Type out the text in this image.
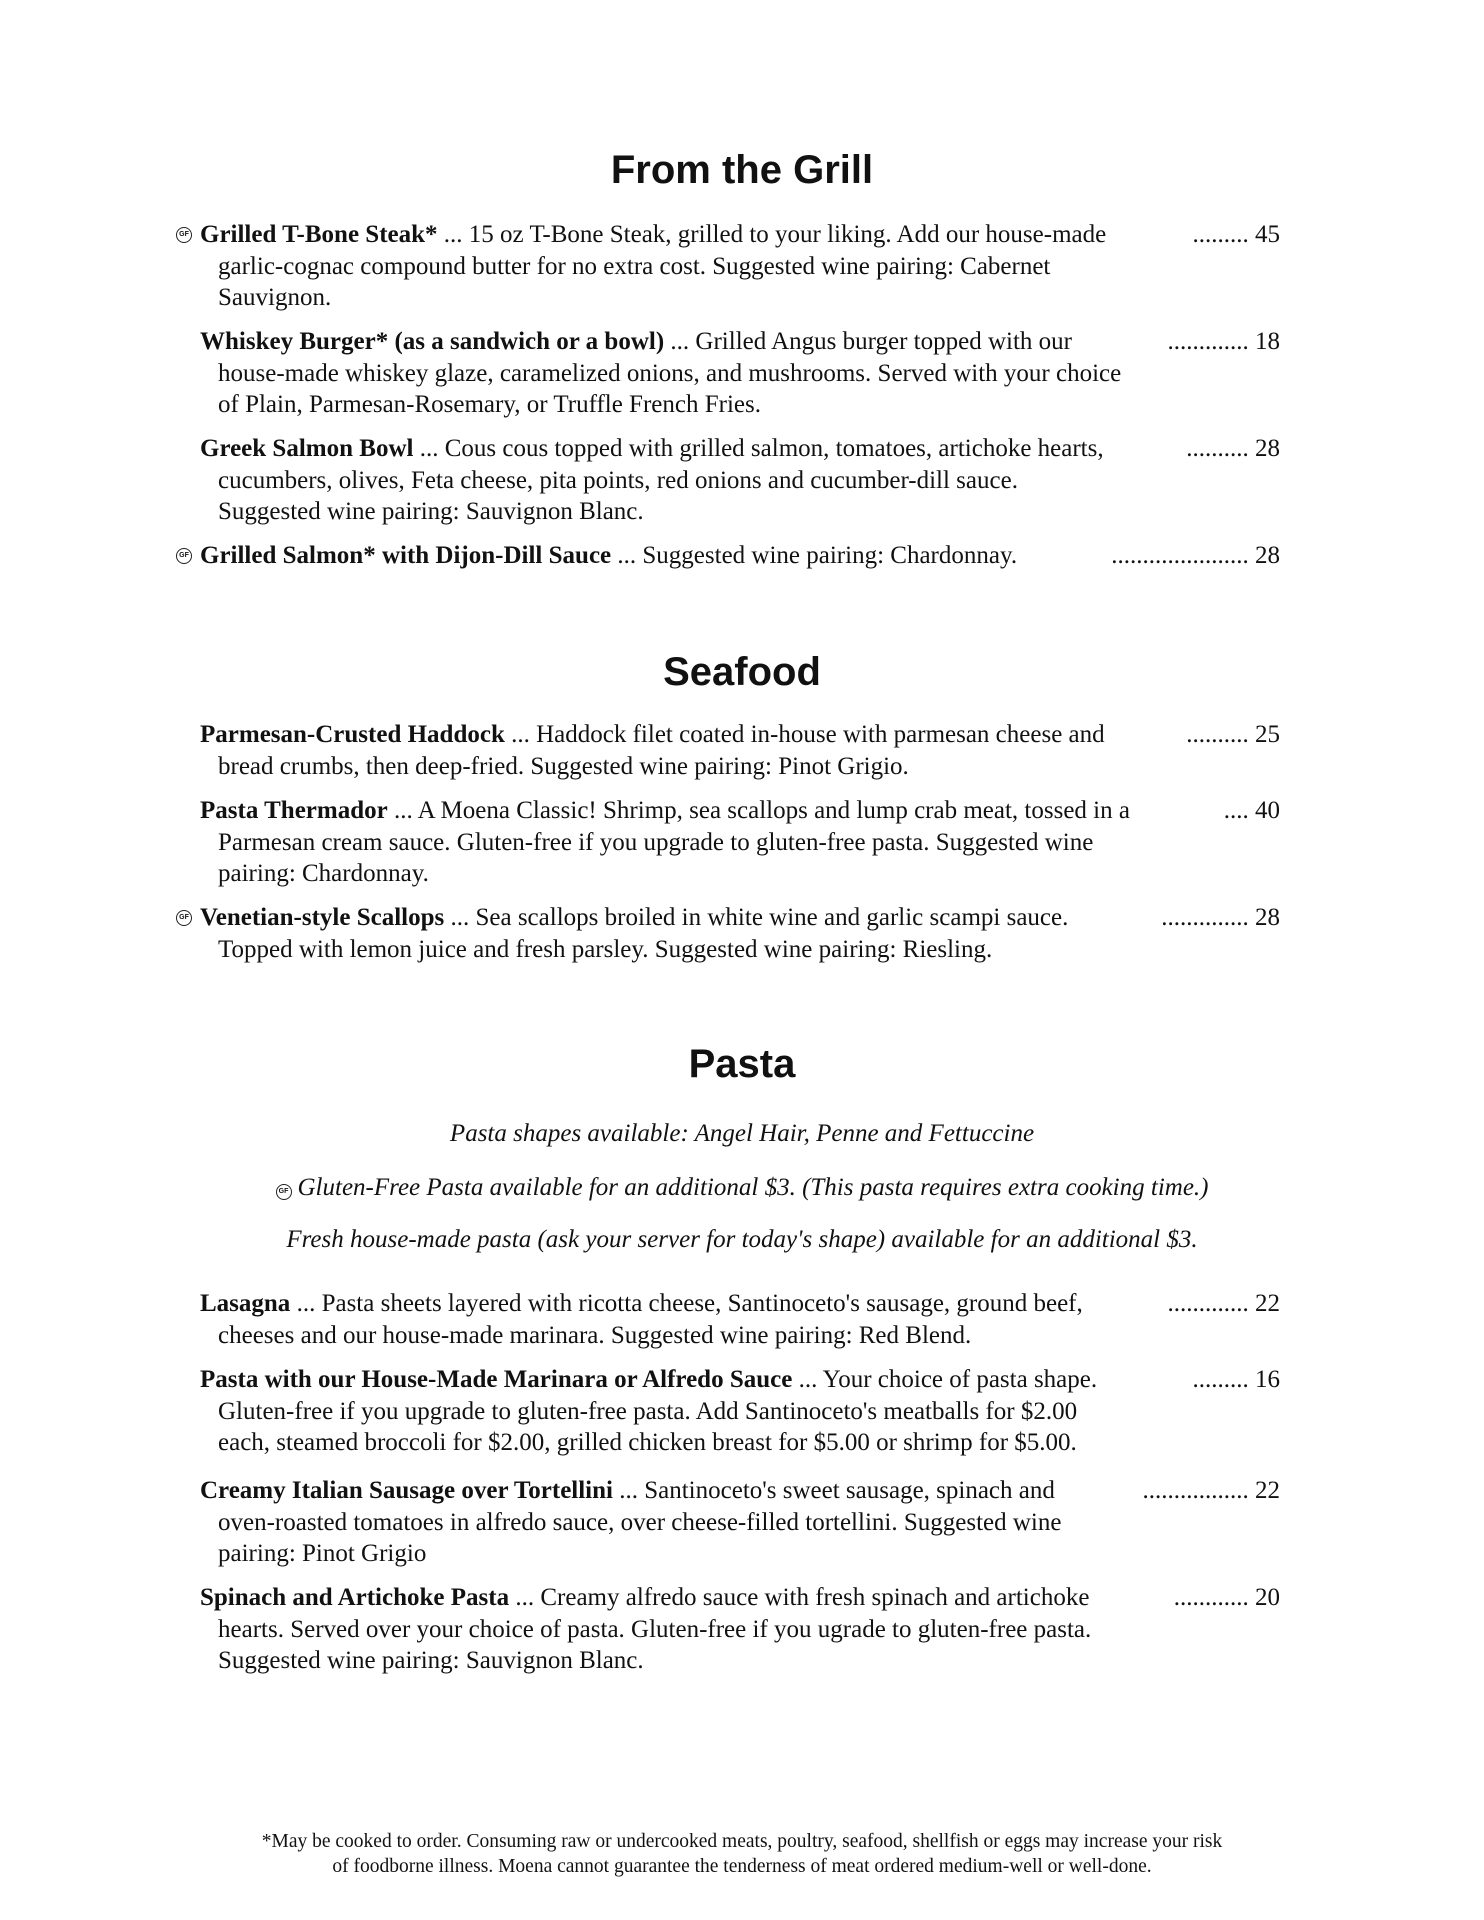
From the Grill
GF Grilled T-Bone Steak* ... 15 oz T-Bone Steak, grilled to your liking. Add our house-made	......... 45
garlic-cognac compound butter for no extra cost. Suggested wine pairing: Cabernet
Sauvignon.
Whiskey Burger* (as a sandwich or a bowl) ... Grilled Angus burger topped with our	............. 18
house-made whiskey glaze, caramelized onions, and mushrooms. Served with your choice
of Plain, Parmesan-Rosemary, or Truffle French Fries.
Greek Salmon Bowl ... Cous cous topped with grilled salmon, tomatoes, artichoke hearts,	.......... 28
cucumbers, olives, Feta cheese, pita points, red onions and cucumber-dill sauce.
Suggested wine pairing: Sauvignon Blanc.
GF Grilled Salmon* with Dijon-Dill Sauce ... Suggested wine pairing: Chardonnay.	...................... 28
Seafood
Parmesan-Crusted Haddock ... Haddock filet coated in-house with parmesan cheese and	.......... 25
bread crumbs, then deep-fried. Suggested wine pairing: Pinot Grigio.
Pasta Thermador ... A Moena Classic! Shrimp, sea scallops and lump crab meat, tossed in a	.... 40
Parmesan cream sauce. Gluten-free if you upgrade to gluten-free pasta. Suggested wine
pairing: Chardonnay.
GF Venetian-style Scallops ... Sea scallops broiled in white wine and garlic scampi sauce.	.............. 28
Topped with lemon juice and fresh parsley. Suggested wine pairing: Riesling.
Pasta
Pasta shapes available: Angel Hair, Penne and Fettuccine
GF Gluten-Free Pasta available for an additional $3. (This pasta requires extra cooking time.)
Fresh house-made pasta (ask your server for today's shape) available for an additional $3.
Lasagna ... Pasta sheets layered with ricotta cheese, Santinoceto's sausage, ground beef,	............. 22
cheeses and our house-made marinara. Suggested wine pairing: Red Blend.
Pasta with our House-Made Marinara or Alfredo Sauce ... Your choice of pasta shape.	......... 16
Gluten-free if you upgrade to gluten-free pasta. Add Santinoceto's meatballs for $2.00
each, steamed broccoli for $2.00, grilled chicken breast for $5.00 or shrimp for $5.00.
Creamy Italian Sausage over Tortellini ... Santinoceto's sweet sausage, spinach and	................. 22
oven-roasted tomatoes in alfredo sauce, over cheese-filled tortellini. Suggested wine
pairing: Pinot Grigio
Spinach and Artichoke Pasta ... Creamy alfredo sauce with fresh spinach and artichoke	............ 20
hearts. Served over your choice of pasta. Gluten-free if you ugrade to gluten-free pasta.
Suggested wine pairing: Sauvignon Blanc.
*May be cooked to order. Consuming raw or undercooked meats, poultry, seafood, shellfish or eggs may increase your risk
of foodborne illness. Moena cannot guarantee the tenderness of meat ordered medium-well or well-done.
